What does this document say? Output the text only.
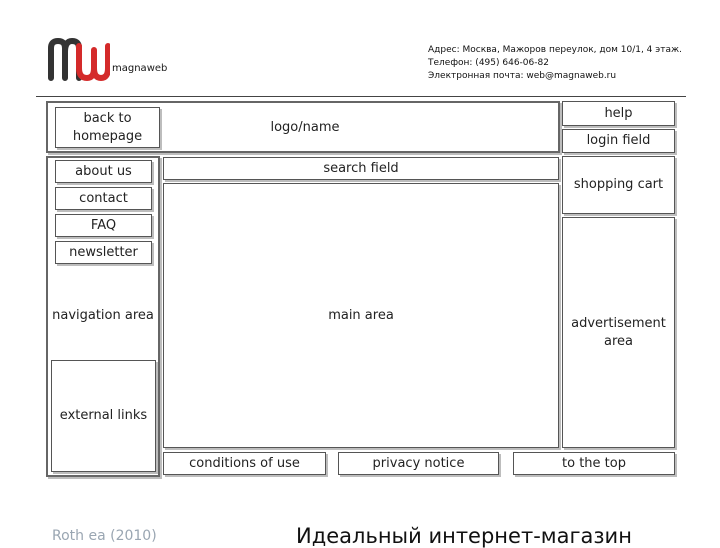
magnaweb
Адрес: Москва, Мажоров переулок, дом 10/1, 4 этаж.
Телефон: (495) 646-06-82
Электронная почта: web@magnaweb.ru
back to homepage
logo/name
help
login field
about us
contact
FAQ
newsletter
navigation area
external links
search field
main area
shopping cart
advertisement area
conditions of use	privacy notice	to the top
Roth ea (2010)	Идеальный интернет-магазин
